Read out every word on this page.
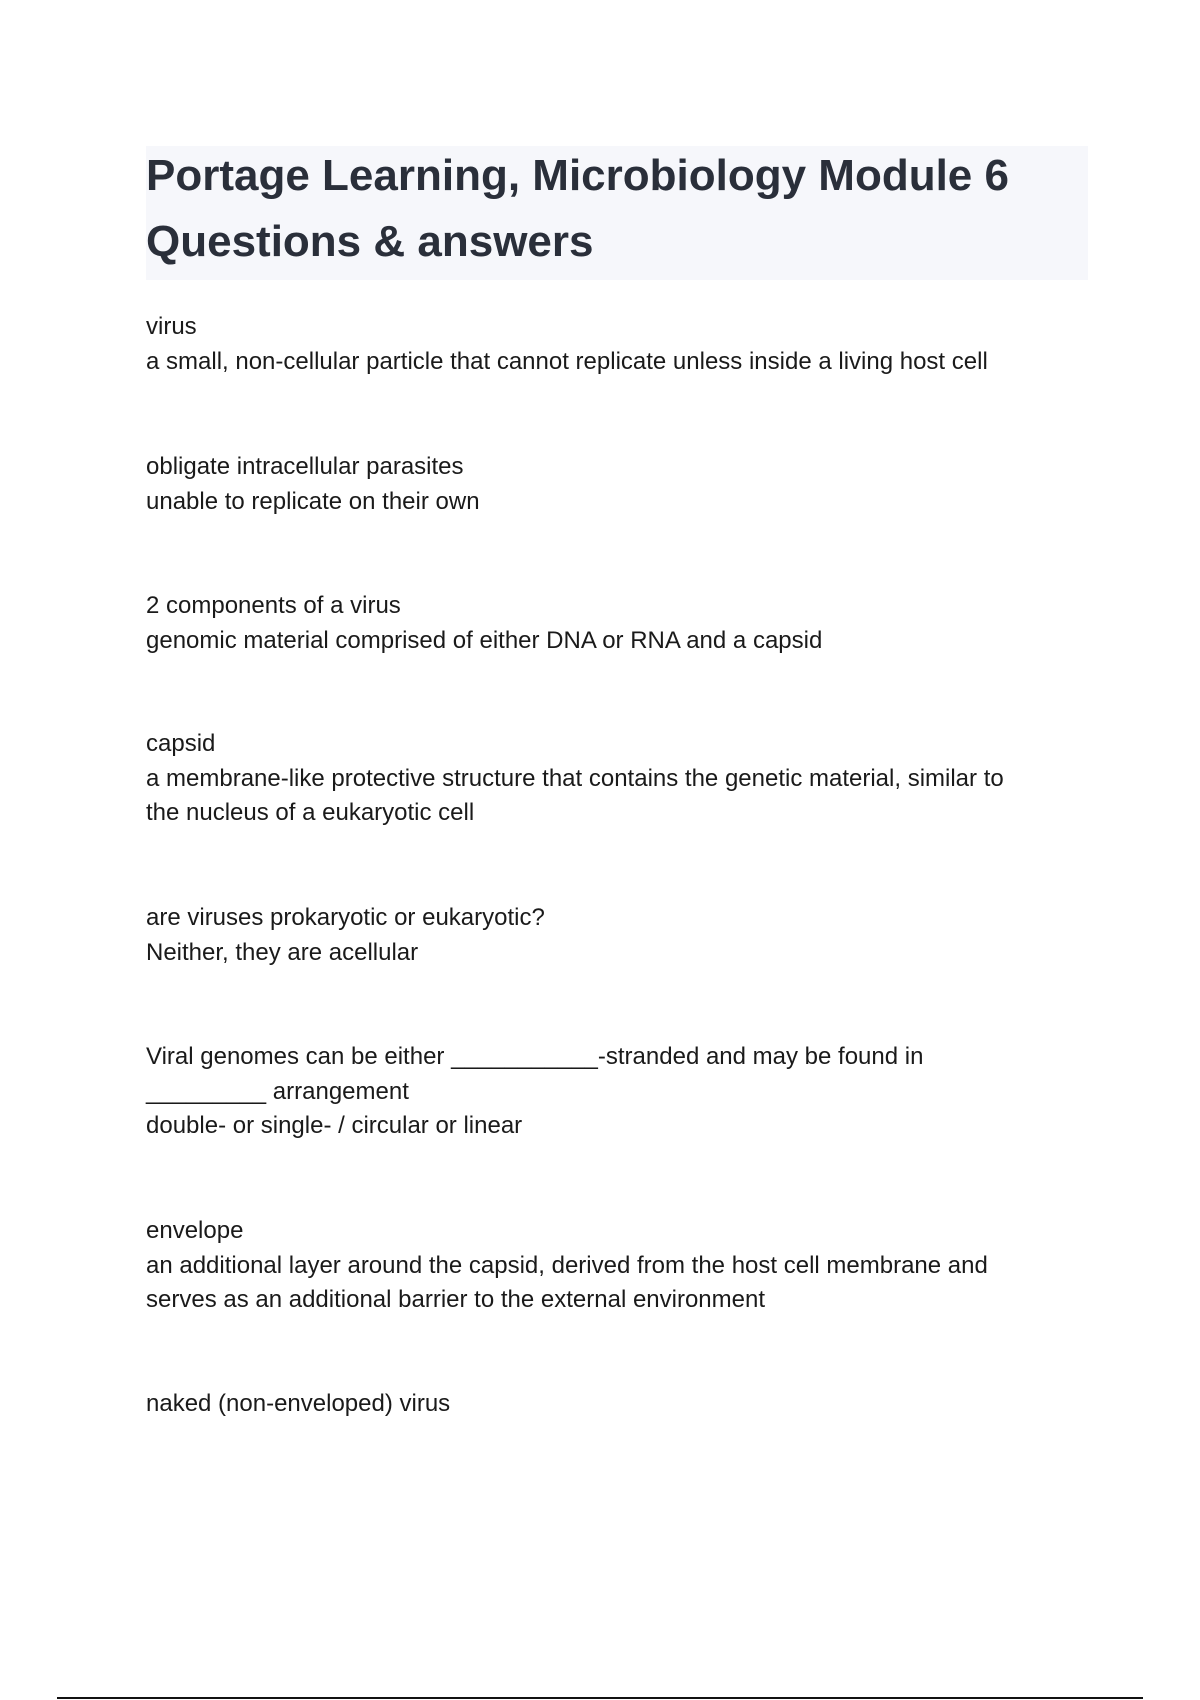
Portage Learning, Microbiology Module 6
Questions & answers
virus
a small, non-cellular particle that cannot replicate unless inside a living host cell
obligate intracellular parasites
unable to replicate on their own
2 components of a virus
genomic material comprised of either DNA or RNA and a capsid
capsid
a membrane-like protective structure that contains the genetic material, similar to
the nucleus of a eukaryotic cell
are viruses prokaryotic or eukaryotic?
Neither, they are acellular
Viral genomes can be either ___________-stranded and may be found in
_________ arrangement
double- or single- / circular or linear
envelope
an additional layer around the capsid, derived from the host cell membrane and
serves as an additional barrier to the external environment
naked (non-enveloped) virus
